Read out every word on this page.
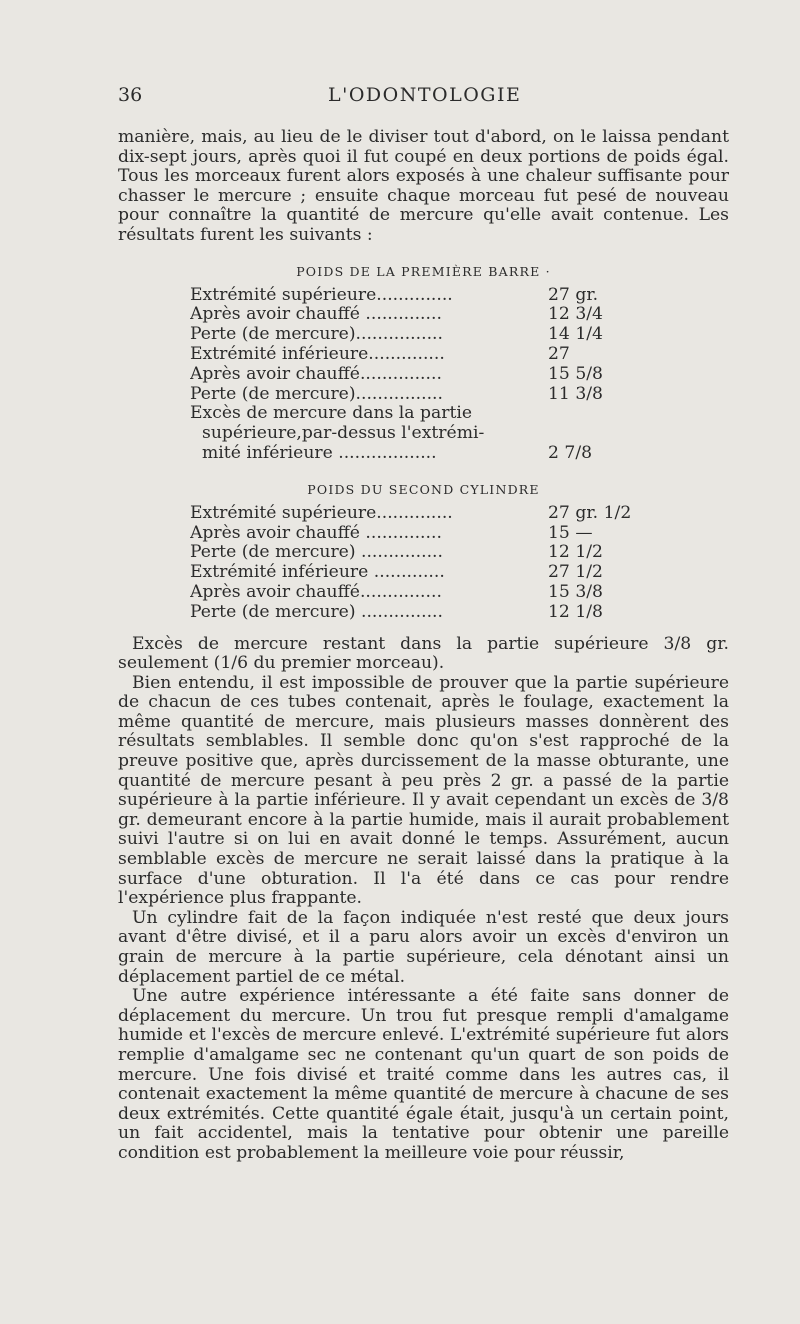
36	L'ODONTOLOGIE

manière, mais, au lieu de le diviser tout d'abord, on le laissa pendant dix-sept jours, après quoi il fut coupé en deux portions de poids égal. Tous les morceaux furent alors exposés à une chaleur suffisante pour chasser le mercure ; ensuite chaque morceau fut pesé de nouveau pour connaître la quantité de mercure qu'elle avait contenue. Les résultats furent les suivants :

POIDS DE LA PREMIÈRE BARRE ·
Extrémité supérieure..............	27 gr.
Après avoir chauffé ..............	12 3/4
Perte (de mercure)................	14 1/4
Extrémité inférieure..............	27
Après avoir chauffé...............	15 5/8
Perte (de mercure)................	11 3/8
Excès de mercure dans la partie
supérieure,par-dessus l'extrémi-
mité inférieure ..................	2 7/8
POIDS DU SECOND CYLINDRE
Extrémité supérieure..............	27 gr. 1/2
Après avoir chauffé ..............	15 —
Perte (de mercure) ...............	12 1/2
Extrémité inférieure .............	27 1/2
Après avoir chauffé...............	15 3/8
Perte (de mercure) ...............	12 1/8

Excès de mercure restant dans la partie supérieure 3/8 gr. seulement (1/6 du premier morceau).

Bien entendu, il est impossible de prouver que la partie supérieure de chacun de ces tubes contenait, après le foulage, exactement la même quantité de mercure, mais plusieurs masses donnèrent des résultats semblables. Il semble donc qu'on s'est rapproché de la preuve positive que, après durcissement de la masse obturante, une quantité de mercure pesant à peu près 2 gr. a passé de la partie supérieure à la partie inférieure. Il y avait cependant un excès de 3/8 gr. demeurant encore à la partie humide, mais il aurait probablement suivi l'autre si on lui en avait donné le temps. Assurément, aucun semblable excès de mercure ne serait laissé dans la pratique à la surface d'une obturation. Il l'a été dans ce cas pour rendre l'expérience plus frappante.

Un cylindre fait de la façon indiquée n'est resté que deux jours avant d'être divisé, et il a paru alors avoir un excès d'environ un grain de mercure à la partie supérieure, cela dénotant ainsi un déplacement partiel de ce métal.

Une autre expérience intéressante a été faite sans donner de déplacement du mercure. Un trou fut presque rempli d'amalgame humide et l'excès de mercure enlevé. L'extrémité supérieure fut alors remplie d'amalgame sec ne contenant qu'un quart de son poids de mercure. Une fois divisé et traité comme dans les autres cas, il contenait exactement la même quantité de mercure à chacune de ses deux extrémités. Cette quantité égale était, jusqu'à un certain point, un fait accidentel, mais la tentative pour obtenir une pareille condition est probablement la meilleure voie pour réussir,
